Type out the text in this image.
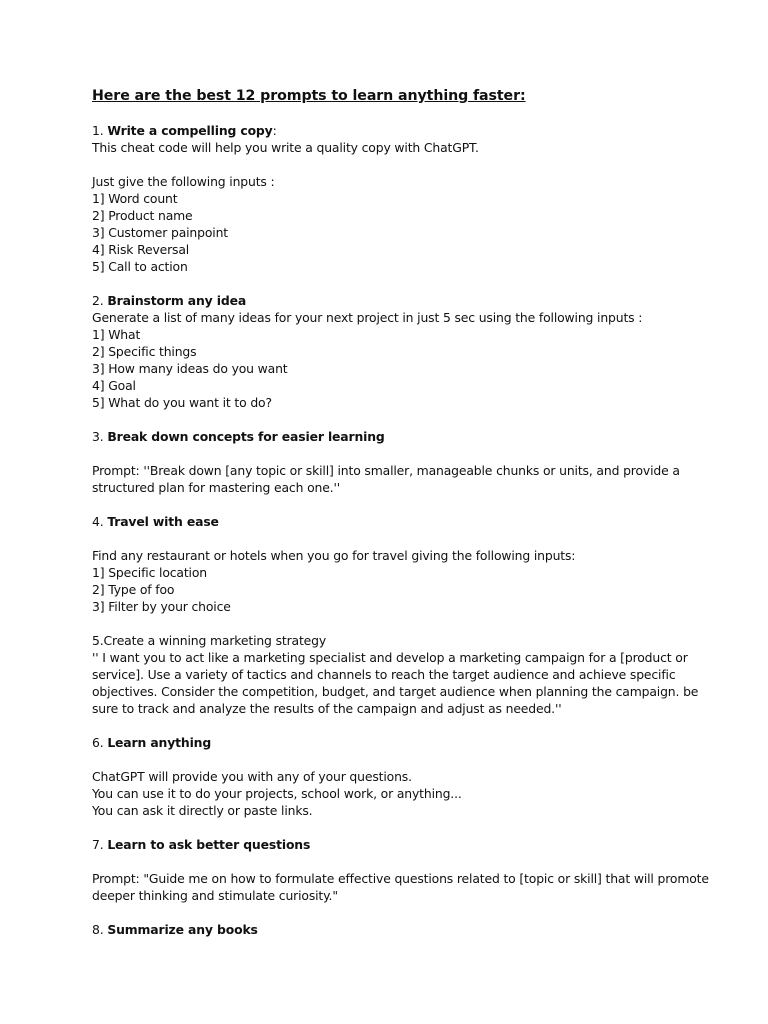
Here are the best 12 prompts to learn anything faster:
1. Write a compelling copy:
This cheat code will help you write a quality copy with ChatGPT.
Just give the following inputs :
1] Word count
2] Product name
3] Customer painpoint
4] Risk Reversal
5] Call to action
2. Brainstorm any idea
Generate a list of many ideas for your next project in just 5 sec using the following inputs :
1] What
2] Specific things
3] How many ideas do you want
4] Goal
5] What do you want it to do?
3. Break down concepts for easier learning
Prompt: ''Break down [any topic or skill] into smaller, manageable chunks or units, and provide a structured plan for mastering each one.''
4. Travel with ease
Find any restaurant or hotels when you go for travel giving the following inputs:
1] Specific location
2] Type of foo
3] Filter by your choice
5.Create a winning marketing strategy
'' I want you to act like a marketing specialist and develop a marketing campaign for a [product or service]. Use a variety of tactics and channels to reach the target audience and achieve specific objectives. Consider the competition, budget, and target audience when planning the campaign. be sure to track and analyze the results of the campaign and adjust as needed.''
6. Learn anything
ChatGPT will provide you with any of your questions.
You can use it to do your projects, school work, or anything...
You can ask it directly or paste links.
7. Learn to ask better questions
Prompt: "Guide me on how to formulate effective questions related to [topic or skill] that will promote deeper thinking and stimulate curiosity."
8. Summarize any books
